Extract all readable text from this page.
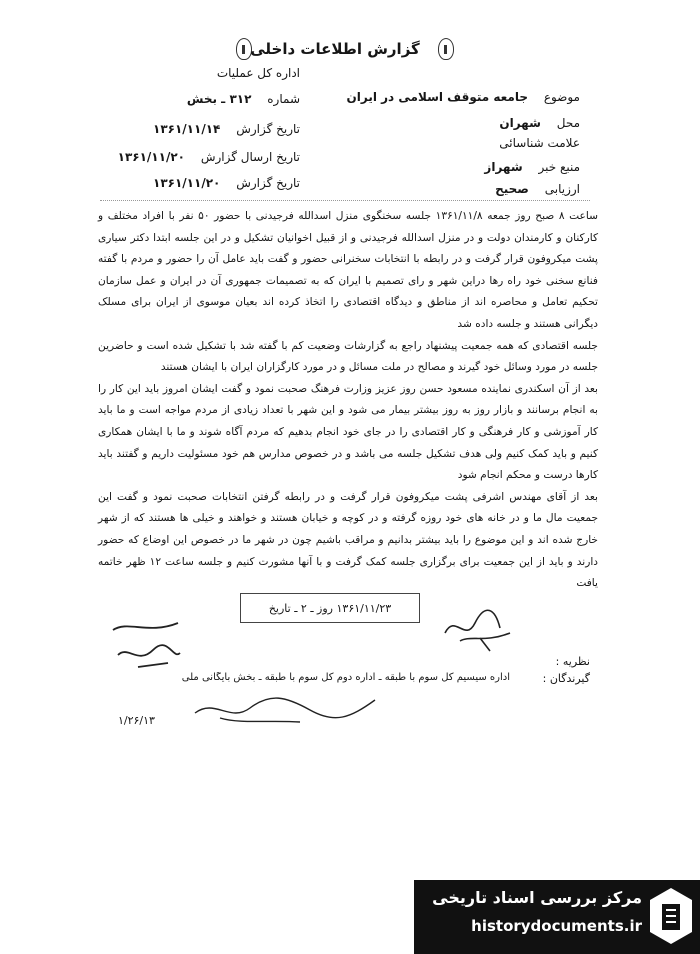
گزارش اطلاعات داخلی
اداره کل عملیات
شماره ۳۱۲ ـ بخش
تاریخ گزارش ۱۳۶۱/۱۱/۱۴
تاریخ ارسال گزارش ۱۳۶۱/۱۱/۲۰
تاریخ گزارش ۱۳۶۱/۱۱/۲۰
موضوع جامعه متوقف اسلامی در ایران
محل شهران
علامت شناسائی
منبع خبر شهراز
ارزیابی صحیح

ساعت ۸ صبح روز جمعه ۱۳۶۱/۱۱/۸ جلسه سخنگوی منزل اسدالله فرجیدنی با حضور ۵۰ نفر با افراد مختلف و کارکنان و کارمندان دولت و در منزل اسدالله فرجیدنی و از قبیل اخوانیان تشکیل و در این جلسه ابتدا دکتر سیاری پشت میکروفون قرار گرفت و در رابطه با انتخابات سخنرانی حضور و گفت باید عامل آن را حضور و مردم با گفته فنانع سخنی خود راه رها دراین شهر و رای تصمیم با ایران که به تصمیمات جمهوری آن در ایران و عمل سازمان تحکیم تعامل و محاصره اند از مناطق و دیدگاه اقتصادی را اتخاذ کرده اند بعیان موسوی از ایران برای مسلک دیگرانی هستند و جلسه داده شد

جلسه اقتصادی که همه جمعیت پیشنهاد راجع به گزارشات وضعیت کم با گفته شد با تشکیل شده است و حاضرین جلسه در مورد وسائل خود گیرند و مصالح در ملت مسائل و در مورد کارگزاران ایران با ایشان هستند

بعد از آن اسکندری نماینده مسعود حسن روز عزیز وزارت فرهنگ صحبت نمود و گفت ایشان امروز باید این کار را به انجام برسانند و بازار روز به روز بیشتر بیمار می شود و این شهر با تعداد زیادی از مردم مواجه است و ما باید کار آموزشی و کار فرهنگی و کار اقتصادی را در جای خود انجام بدهیم که مردم آگاه شوند و ما با ایشان همکاری کنیم و باید کمک کنیم ولی هدف تشکیل جلسه می باشد و در خصوص مدارس هم خود مسئولیت داریم و گفتند باید کارها درست و محکم انجام شود

بعد از آقای مهندس اشرفی پشت میکروفون قرار گرفت و در رابطه گرفتن انتخابات صحبت نمود و گفت این جمعیت مال ما و در خانه های خود روزه گرفته و در کوچه و خیابان هستند و خواهند و خیلی ها هستند که از شهر خارج شده اند و این موضوع را باید بیشتر بدانیم و مراقب باشیم چون در شهر ما در خصوص این اوضاع که حضور دارند و باید از این جمعیت برای برگزاری جلسه کمک گرفت و با آنها مشورت کنیم و جلسه ساعت ۱۲ ظهر خاتمه یافت

۱۳۶۱/۱۱/۲۳ روز ـ ۲ ـ تاریخ
نظریه :
گیرندگان :
اداره سیسیم کل سوم با طبقه ـ اداره دوم کل سوم با طبقه ـ بخش بایگانی ملی
۱/۲۶/۱۳
مرکز بررسی اسناد تاریخی
historydocuments.ir
